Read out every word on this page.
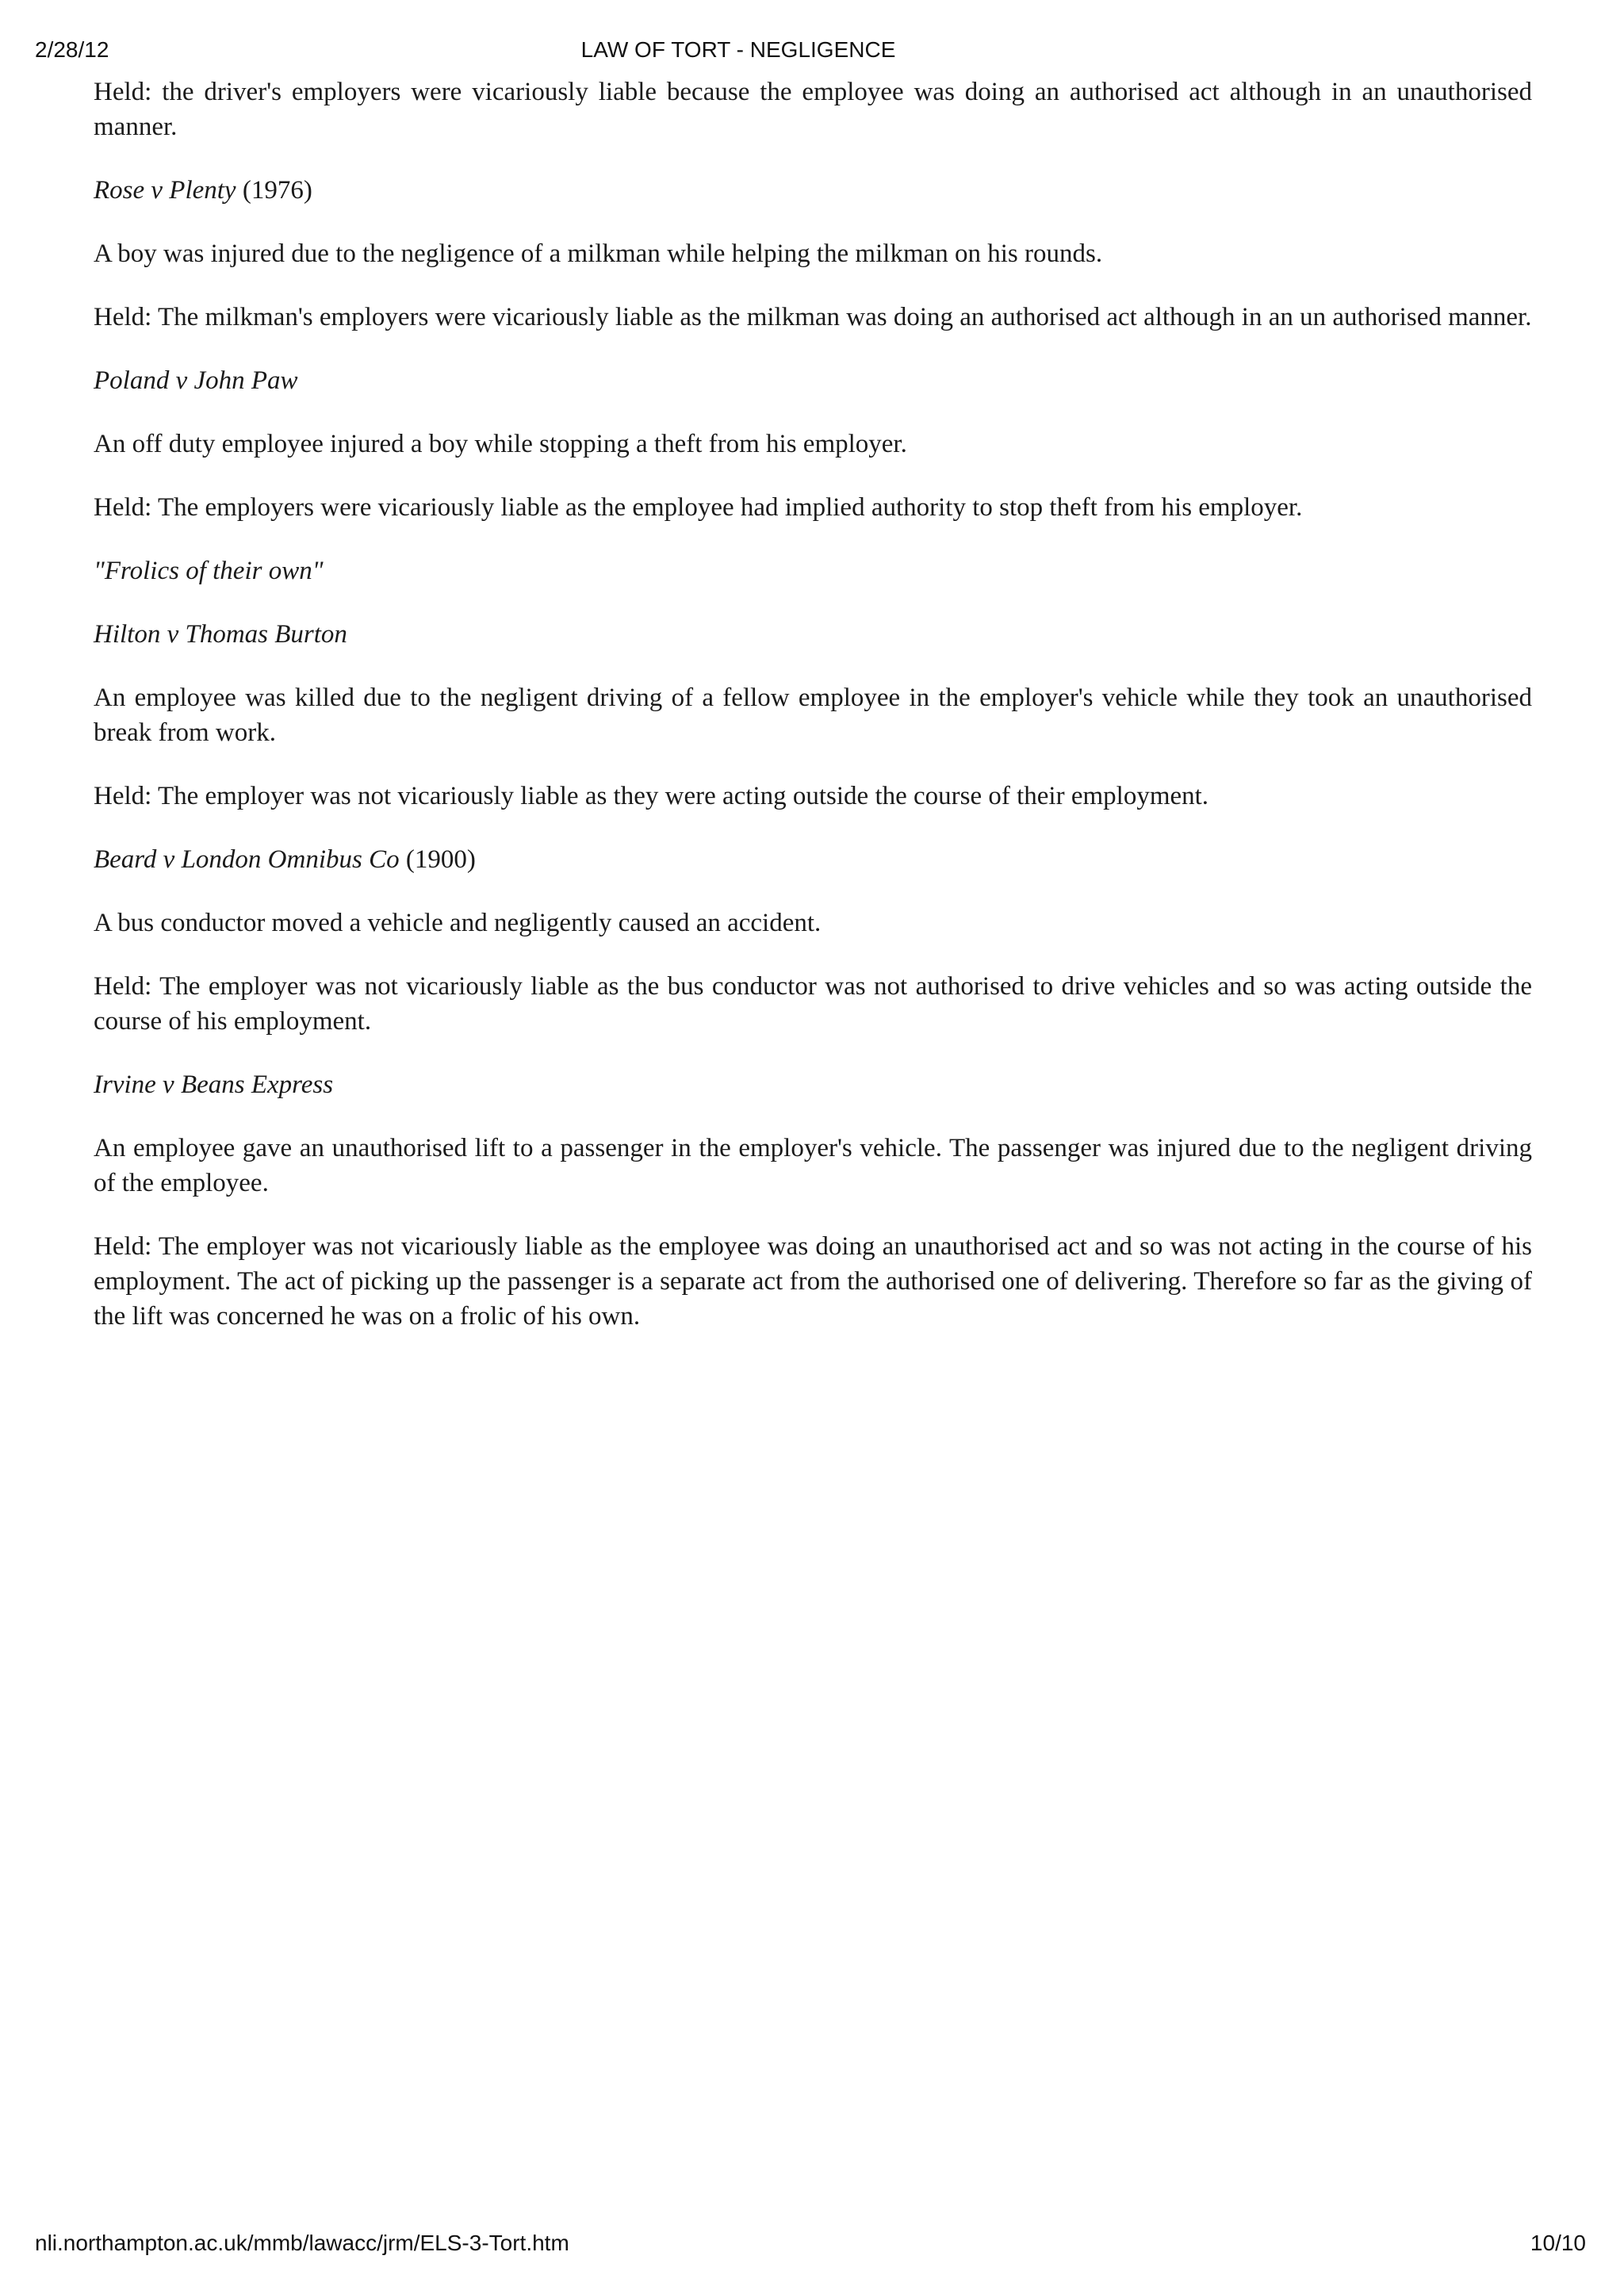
2/28/12	LAW OF TORT - NEGLIGENCE

Held: the driver's employers were vicariously liable because the employee was doing an authorised act although in an unauthorised manner.

Rose v Plenty (1976)

A boy was injured due to the negligence of a milkman while helping the milkman on his rounds.

Held: The milkman's employers were vicariously liable as the milkman was doing an authorised act although in an un authorised manner.

Poland v John Paw

An off duty employee injured a boy while stopping a theft from his employer.

Held: The employers were vicariously liable as the employee had implied authority to stop theft from his employer.

"Frolics of their own"

Hilton v Thomas Burton

An employee was killed due to the negligent driving of a fellow employee in the employer's vehicle while they took an unauthorised break from work.

Held: The employer was not vicariously liable as they were acting outside the course of their employment.

Beard v London Omnibus Co (1900)

A bus conductor moved a vehicle and negligently caused an accident.

Held: The employer was not vicariously liable as the bus conductor was not authorised to drive vehicles and so was acting outside the course of his employment.

Irvine v Beans Express

An employee gave an unauthorised lift to a passenger in the employer's vehicle. The passenger was injured due to the negligent driving of the employee.

Held: The employer was not vicariously liable as the employee was doing an unauthorised act and so was not acting in the course of his employment. The act of picking up the passenger is a separate act from the authorised one of delivering. Therefore so far as the giving of the lift was concerned he was on a frolic of his own.

nli.northampton.ac.uk/mmb/lawacc/jrm/ELS-3-Tort.htm	10/10
